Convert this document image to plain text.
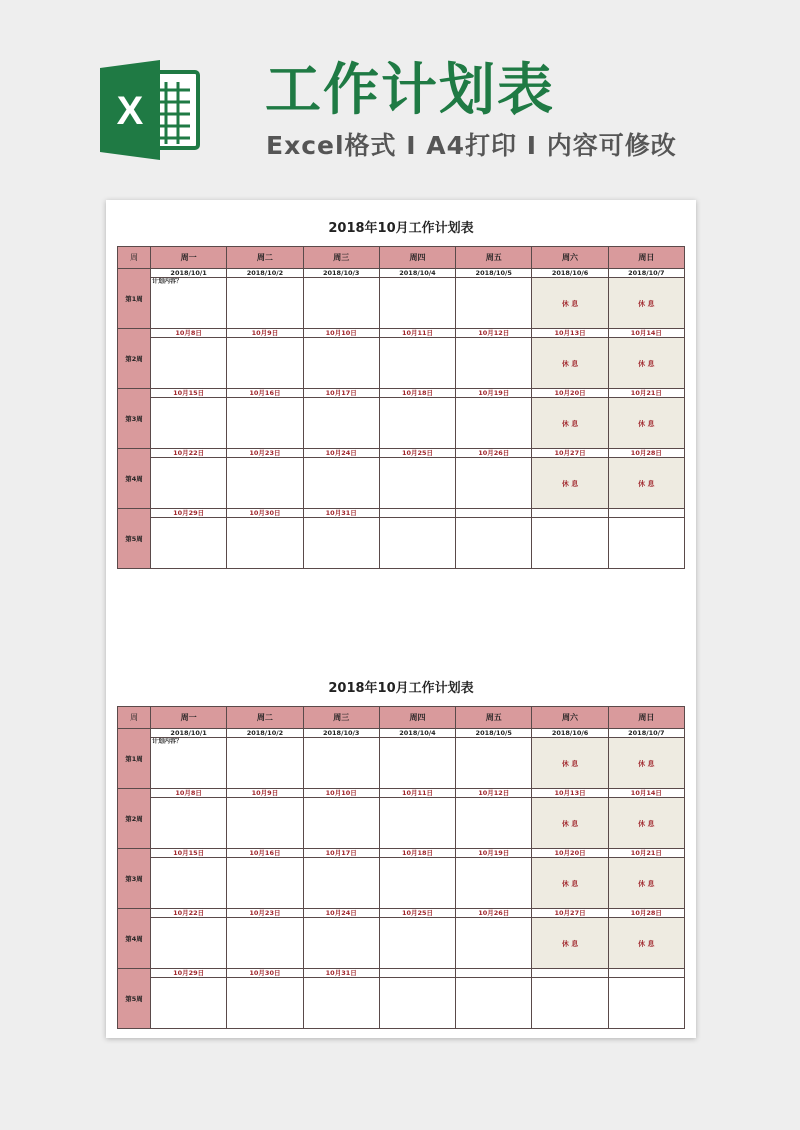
X 工作计划表
Excel格式 I A4打印 I 内容可修改
2018年10月工作计划表
周	周一	周二	周三	周四	周五	周六	周日
第1周	2018/10/1	2018/10/2	2018/10/3	2018/10/4	2018/10/5	2018/10/6	2018/10/7

	计划内容？					休 息	休 息

第2周	10月8日	10月9日	10月10日	10月11日	10月12日	10月13日	10月14日

						休 息	休 息

第3周	10月15日	10月16日	10月17日	10月18日	10月19日	10月20日	10月21日

						休 息	休 息

第4周	10月22日	10月23日	10月24日	10月25日	10月26日	10月27日	10月28日

						休 息	休 息

第5周	10月29日	10月30日	10月31日				

2018年10月工作计划表
周	周一	周二	周三	周四	周五	周六	周日
第1周	2018/10/1	2018/10/2	2018/10/3	2018/10/4	2018/10/5	2018/10/6	2018/10/7

	计划内容？					休 息	休 息

第2周	10月8日	10月9日	10月10日	10月11日	10月12日	10月13日	10月14日

						休 息	休 息

第3周	10月15日	10月16日	10月17日	10月18日	10月19日	10月20日	10月21日

						休 息	休 息

第4周	10月22日	10月23日	10月24日	10月25日	10月26日	10月27日	10月28日

						休 息	休 息

第5周	10月29日	10月30日	10月31日				
